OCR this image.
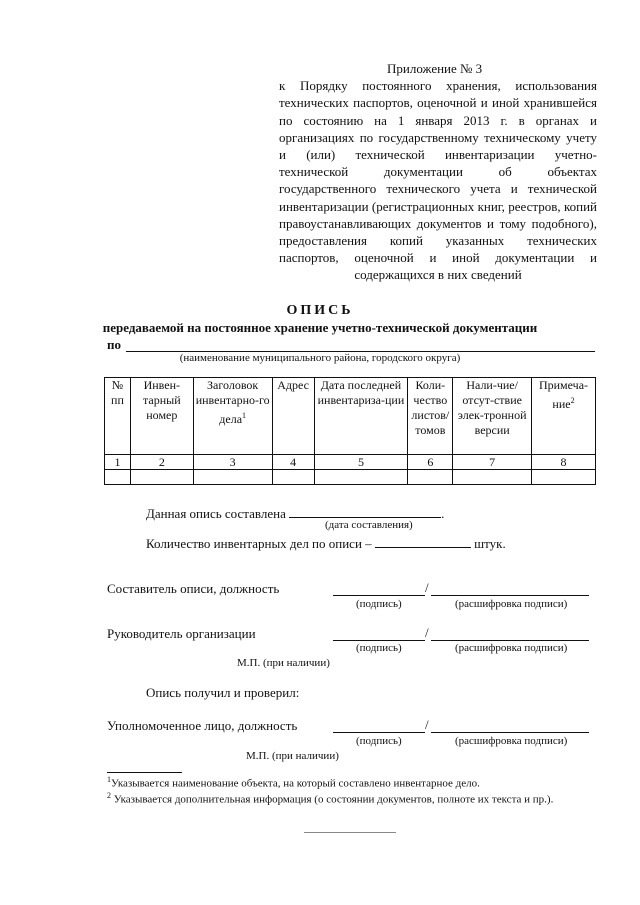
Приложение № 3
к Порядку постоянного хранения, использования технических паспортов, оценочной и иной хранившейся по состоянию на 1 января 2013 г. в органах и организациях по государственному техническому учету и (или) технической инвентаризации учетно-технической документации об объектах государственного технического учета и технической инвентаризации (регистрационных книг, реестров, копий правоустанавливающих документов и тому подобного), предоставления копий указанных технических паспортов, оценочной и иной документации и содержащихся в них сведений
ОПИСЬ
передаваемой на постоянное хранение учетно-технической документации
по
(наименование муниципального района, городского округа)
№ пп	Инвен-тарный номер	Заголовок инвентарно-го дела$^1$	Адрес	Дата последней инвентариза-ции	Коли-чество листов/ томов	Нали-чие/отсут-ствие элек-тронной версии	Примеча-ние$^2$
1	2	3	4	5	6	7	8

Данная опись составлена	.
(дата составления)
Количество инвентарных дел по описи –	штук.
Составитель описи, должность	/
(подпись)	(расшифровка подписи)
Руководитель организации	/
(подпись)	(расшифровка подписи)
М.П. (при наличии)
Опись получил и проверил:
Уполномоченное лицо, должность	/
(подпись)	(расшифровка подписи)
М.П. (при наличии)
$^1$Указывается наименование объекта, на который составлено инвентарное дело.
$^2$ Указывается дополнительная информация (о состоянии документов, полноте их текста и пр.).
